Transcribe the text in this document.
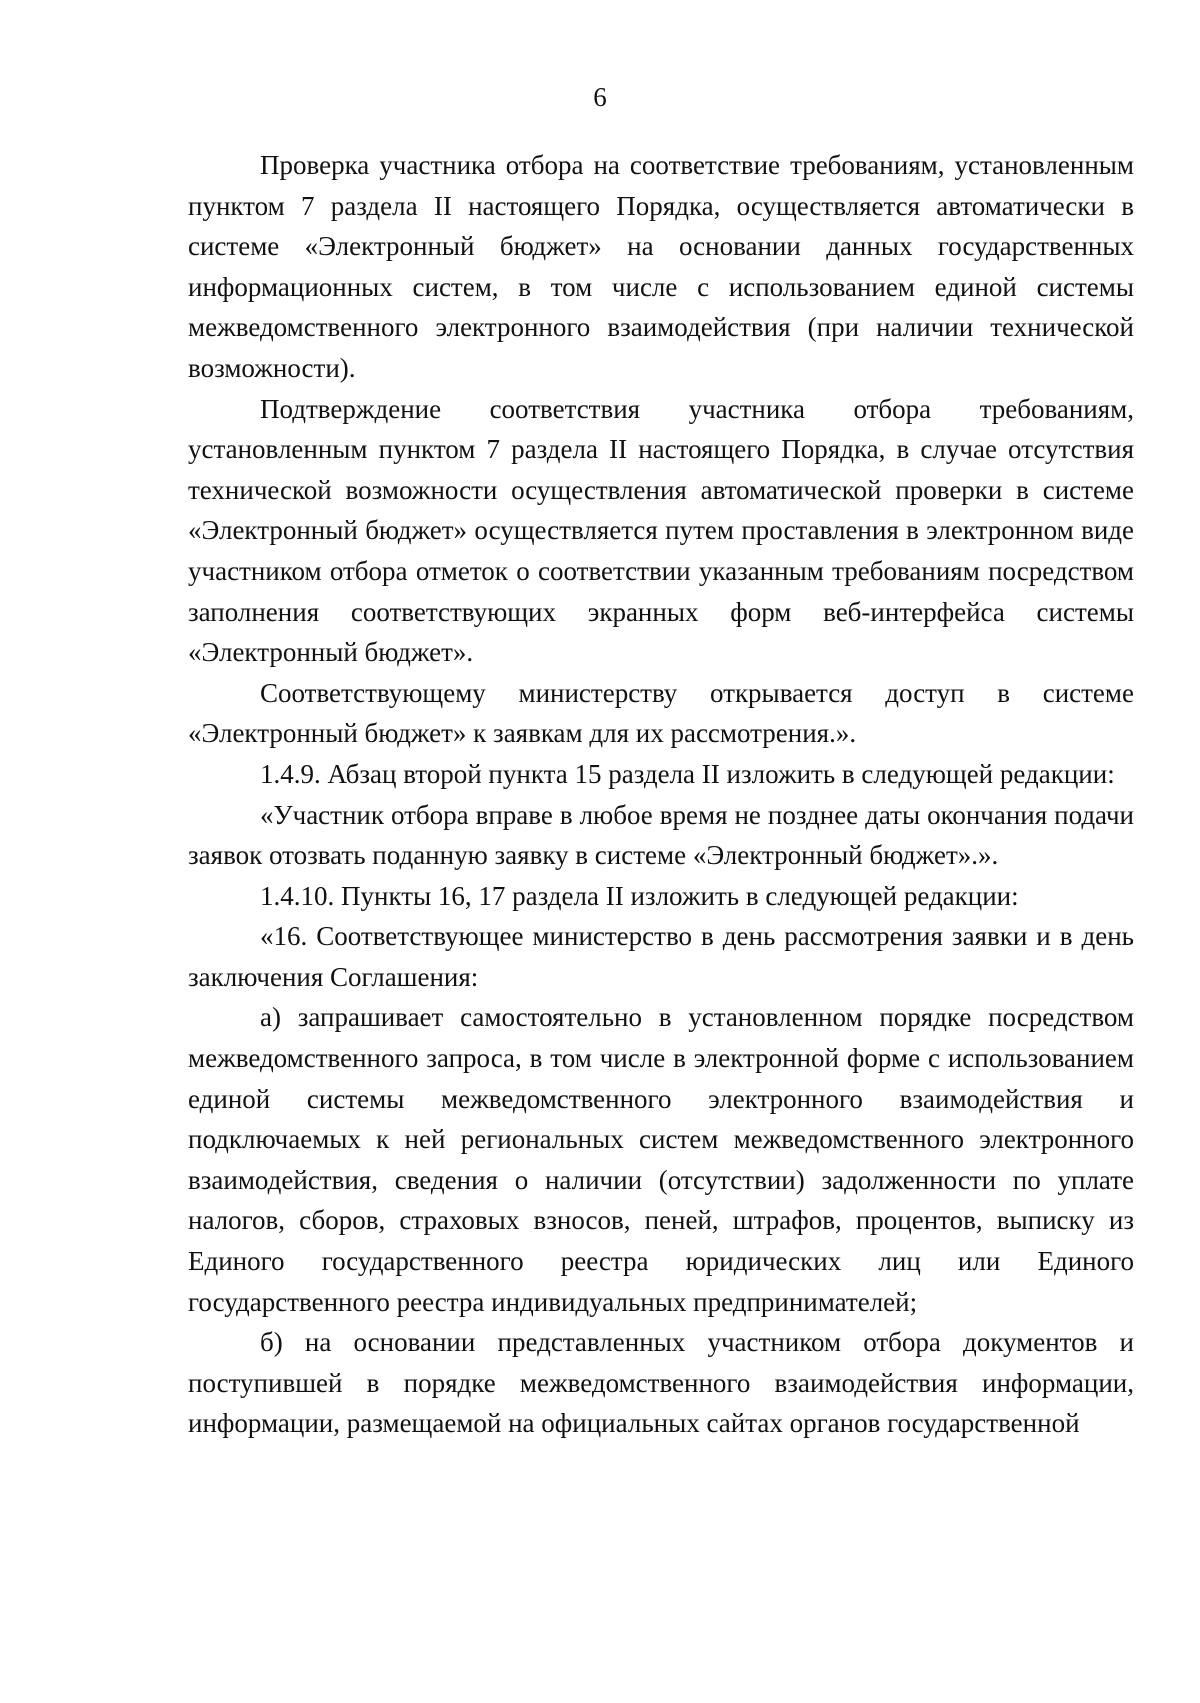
6

Проверка участника отбора на соответствие требованиям, установленным пунктом 7 раздела II настоящего Порядка, осуществляется автоматически в системе «Электронный бюджет» на основании данных государственных информационных систем, в том числе с использованием единой системы межведомственного электронного взаимодействия (при наличии технической возможности).

Подтверждение соответствия участника отбора требованиям, установленным пунктом 7 раздела II настоящего Порядка, в случае отсутствия технической возможности осуществления автоматической проверки в системе «Электронный бюджет» осуществляется путем проставления в электронном виде участником отбора отметок о соответствии указанным требованиям посредством заполнения соответствующих экранных форм веб-интерфейса системы «Электронный бюджет».

Соответствующему министерству открывается доступ в системе «Электронный бюджет» к заявкам для их рассмотрения.».

1.4.9. Абзац второй пункта 15 раздела II изложить в следующей редакции:

«Участник отбора вправе в любое время не позднее даты окончания подачи заявок отозвать поданную заявку в системе «Электронный бюджет».».

1.4.10. Пункты 16, 17 раздела II изложить в следующей редакции:

«16. Соответствующее министерство в день рассмотрения заявки и в день заключения Соглашения:

а) запрашивает самостоятельно в установленном порядке посредством межведомственного запроса, в том числе в электронной форме с использованием единой системы межведомственного электронного взаимодействия и подключаемых к ней региональных систем межведомственного электронного взаимодействия, сведения о наличии (отсутствии) задолженности по уплате налогов, сборов, страховых взносов, пеней, штрафов, процентов, выписку из Единого государственного реестра юридических лиц или Единого государственного реестра индивидуальных предпринимателей;

б) на основании представленных участником отбора документов и поступившей в порядке межведомственного взаимодействия информации, информации, размещаемой на официальных сайтах органов государственной
